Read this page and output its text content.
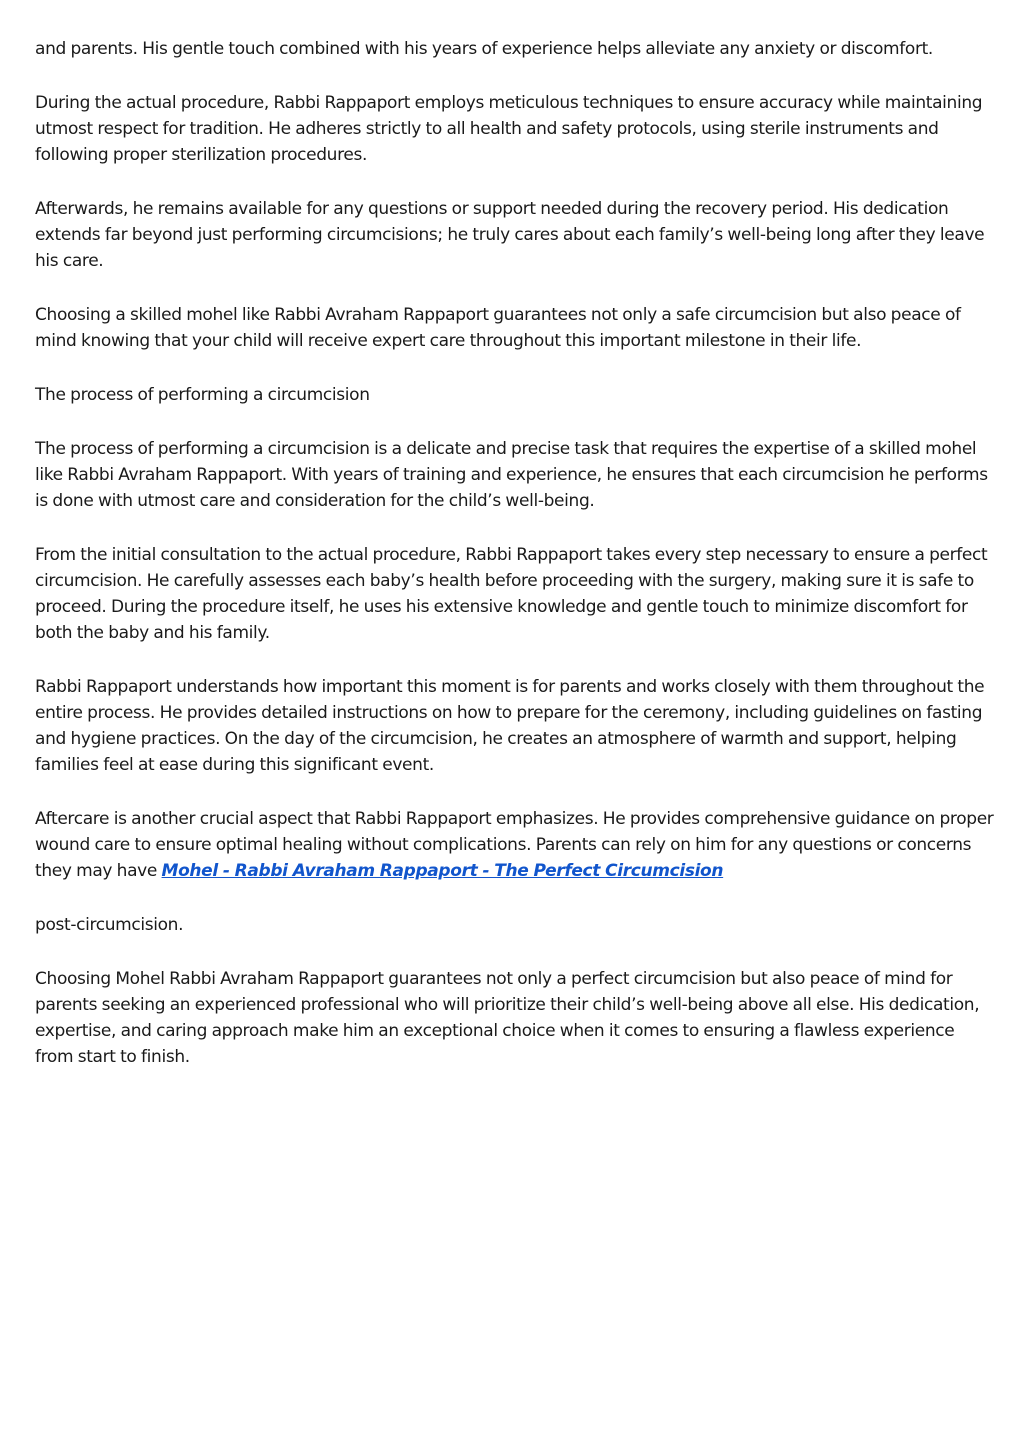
and parents. His gentle touch combined with his years of experience helps alleviate any anxiety or discomfort.

During the actual procedure, Rabbi Rappaport employs meticulous techniques to ensure accuracy while maintaining utmost respect for tradition. He adheres strictly to all health and safety protocols, using sterile instruments and following proper sterilization procedures.

Afterwards, he remains available for any questions or support needed during the recovery period. His dedication extends far beyond just performing circumcisions; he truly cares about each family’s well-being long after they leave his care.

Choosing a skilled mohel like Rabbi Avraham Rappaport guarantees not only a safe circumcision but also peace of mind knowing that your child will receive expert care throughout this important milestone in their life.

The process of performing a circumcision

The process of performing a circumcision is a delicate and precise task that requires the expertise of a skilled mohel like Rabbi Avraham Rappaport. With years of training and experience, he ensures that each circumcision he performs is done with utmost care and consideration for the child’s well-being.

From the initial consultation to the actual procedure, Rabbi Rappaport takes every step necessary to ensure a perfect circumcision. He carefully assesses each baby’s health before proceeding with the surgery, making sure it is safe to proceed. During the procedure itself, he uses his extensive knowledge and gentle touch to minimize discomfort for both the baby and his family.

Rabbi Rappaport understands how important this moment is for parents and works closely with them throughout the entire process. He provides detailed instructions on how to prepare for the ceremony, including guidelines on fasting and hygiene practices. On the day of the circumcision, he creates an atmosphere of warmth and support, helping families feel at ease during this significant event.

Aftercare is another crucial aspect that Rabbi Rappaport emphasizes. He provides comprehensive guidance on proper wound care to ensure optimal healing without complications. Parents can rely on him for any questions or concerns they may have Mohel - Rabbi Avraham Rappaport - The Perfect Circumcision

post-circumcision.

Choosing Mohel Rabbi Avraham Rappaport guarantees not only a perfect circumcision but also peace of mind for parents seeking an experienced professional who will prioritize their child’s well-being above all else. His dedication, expertise, and caring approach make him an exceptional choice when it comes to ensuring a flawless experience from start to finish.
